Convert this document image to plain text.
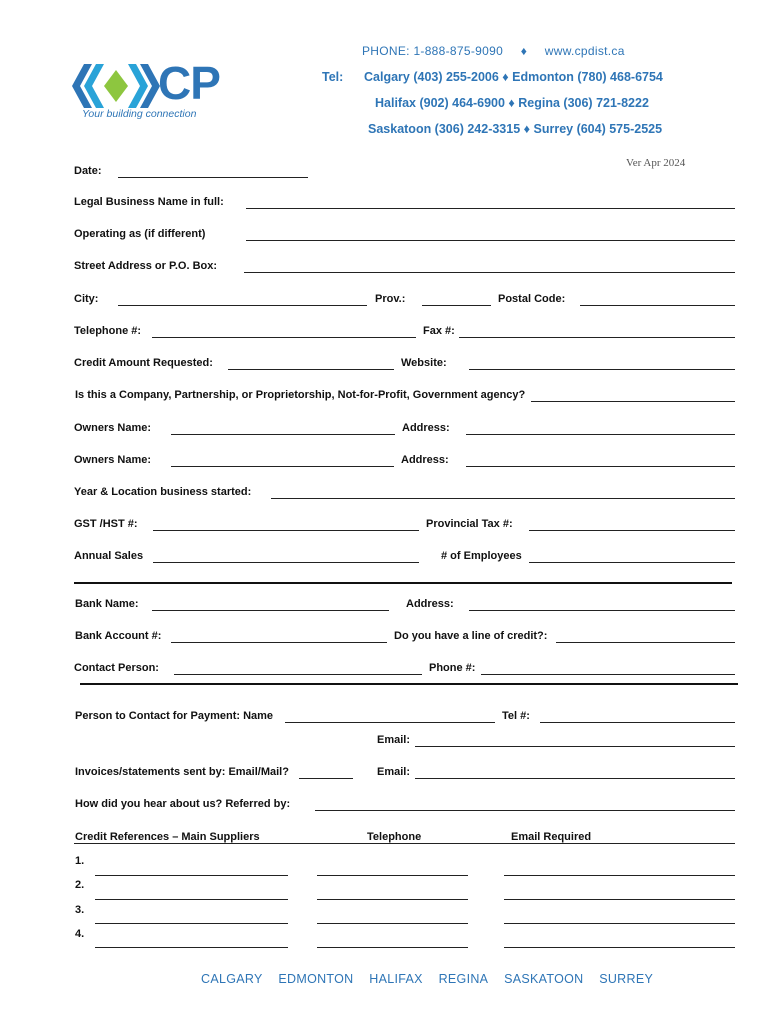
CP
Your building connection
PHONE: 1-888-875-9090 ♦ www.cpdist.ca
Tel: Calgary (403) 255-2006 ♦ Edmonton (780) 468-6754
Halifax (902) 464-6900 ♦ Regina (306) 721-8222
Saskatoon (306) 242-3315 ♦ Surrey (604) 575-2525
Ver Apr 2024
Date:
Legal Business Name in full:
Operating as (if different)
Street Address or P.O. Box:
City:	Prov.:	Postal Code:
Telephone #:	Fax #:
Credit Amount Requested:	Website:
Is this a Company, Partnership, or Proprietorship, Not-for-Profit, Government agency?
Owners Name:	Address:
Owners Name:	Address:
Year & Location business started:
GST /HST #:	Provincial Tax #:
Annual Sales	# of Employees
Bank Name:	Address:
Bank Account #:	Do you have a line of credit?:
Contact Person:	Phone #:
Person to Contact for Payment: Name	Tel #:
Email:
Invoices/statements sent by: Email/Mail?	Email:
How did you hear about us? Referred by:
Credit References – Main Suppliers	Telephone	Email Required
1.
2.
3.
4.
CALGARY EDMONTON HALIFAX REGINA SASKATOON SURREY
